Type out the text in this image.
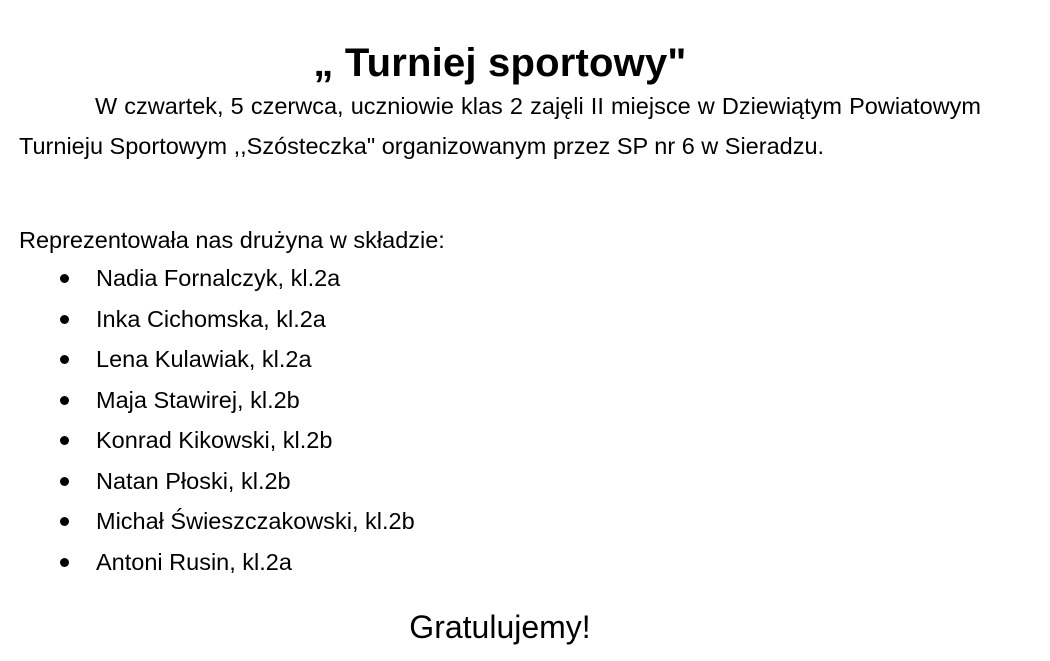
„ Turniej sportowy"

W czwartek, 5 czerwca, uczniowie klas 2 zajęli II miejsce w Dziewiątym Powiatowym Turnieju Sportowym ,,Szósteczka" organizowanym przez SP nr 6 w Sieradzu.

Reprezentowała nas drużyna w składzie:

Nadia Fornalczyk, kl.2a
Inka Cichomska, kl.2a
Lena Kulawiak, kl.2a
Maja Stawirej, kl.2b
Konrad Kikowski, kl.2b
Natan Płoski, kl.2b
Michał Świeszczakowski, kl.2b
Antoni Rusin, kl.2a

Gratulujemy!
